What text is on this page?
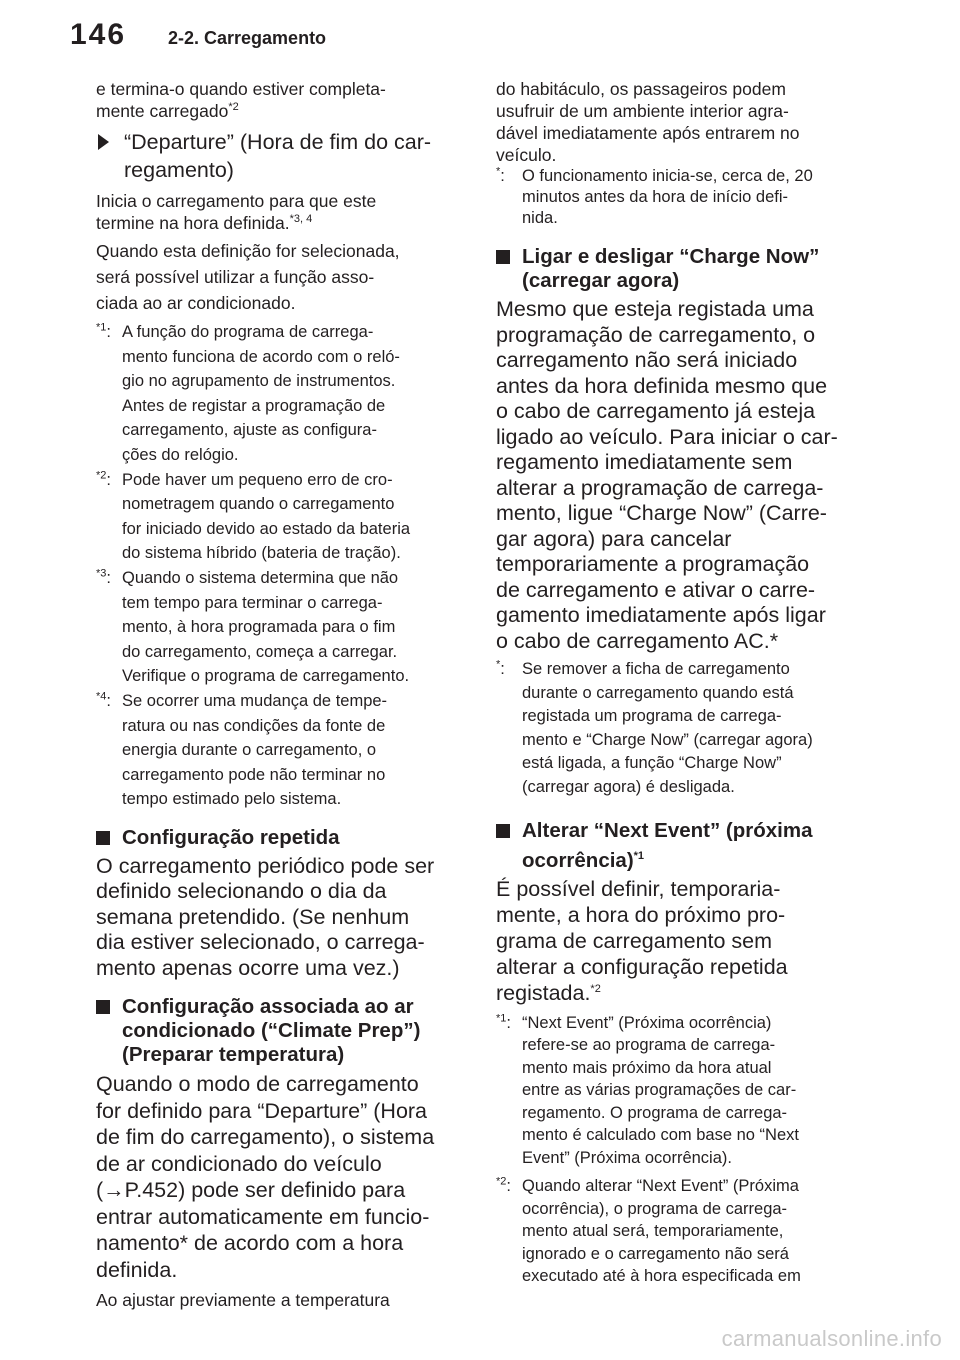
146 2-2. Carregamento

e termina-o quando estiver completa-
mente carregado$^{*2}$

“Departure” (Hora de fim do car-
regamento)

Inicia o carregamento para que este
termine na hora definida.$^{*3, 4}$

Quando esta definição for selecionada,
será possível utilizar a função asso-
ciada ao ar condicionado.

$^{*1}$: A função do programa de carrega-
mento funciona de acordo com o reló-
gio no agrupamento de instrumentos.
Antes de registar a programação de
carregamento, ajuste as configura-
ções do relógio.
$^{*2}$: Pode haver um pequeno erro de cro-
nometragem quando o carregamento
for iniciado devido ao estado da bateria
do sistema híbrido (bateria de tração).
$^{*3}$: Quando o sistema determina que não
tem tempo para terminar o carrega-
mento, à hora programada para o fim
do carregamento, começa a carregar.
Verifique o programa de carregamento.
$^{*4}$: Se ocorrer uma mudança de tempe-
ratura ou nas condições da fonte de
energia durante o carregamento, o
carregamento pode não terminar no
tempo estimado pelo sistema.
Configuração repetida

O carregamento periódico pode ser
definido selecionando o dia da
semana pretendido. (Se nenhum
dia estiver selecionado, o carrega-
mento apenas ocorre uma vez.)

Configuração associada ao ar
condicionado (“Climate Prep”)
(Preparar temperatura)

Quando o modo de carregamento
for definido para “Departure” (Hora
de fim do carregamento), o sistema
de ar condicionado do veículo
(→P.452) pode ser definido para
entrar automaticamente em funcio-
namento* de acordo com a hora
definida.

Ao ajustar previamente a temperatura

do habitáculo, os passageiros podem
usufruir de um ambiente interior agra-
dável imediatamente após entrarem no
veículo.

*: O funcionamento inicia-se, cerca de, 20
minutos antes da hora de início defi-
nida.
Ligar e desligar “Charge Now”
(carregar agora)

Mesmo que esteja registada uma
programação de carregamento, o
carregamento não será iniciado
antes da hora definida mesmo que
o cabo de carregamento já esteja
ligado ao veículo. Para iniciar o car-
regamento imediatamente sem
alterar a programação de carrega-
mento, ligue “Charge Now” (Carre-
gar agora) para cancelar
temporariamente a programação
de carregamento e ativar o carre-
gamento imediatamente após ligar
o cabo de carregamento AC.*

*: Se remover a ficha de carregamento
durante o carregamento quando está
registada um programa de carrega-
mento e “Charge Now” (carregar agora)
está ligada, a função “Charge Now”
(carregar agora) é desligada.
Alterar “Next Event” (próxima
ocorrência)$^{*1}$

É possível definir, temporaria-
mente, a hora do próximo pro-
grama de carregamento sem
alterar a configuração repetida
registada.$^{*2}$

$^{*1}$: “Next Event” (Próxima ocorrência)
refere-se ao programa de carrega-
mento mais próximo da hora atual
entre as várias programações de car-
regamento. O programa de carrega-
mento é calculado com base no “Next
Event” (Próxima ocorrência).
$^{*2}$: Quando alterar “Next Event” (Próxima
ocorrência), o programa de carrega-
mento atual será, temporariamente,
ignorado e o carregamento não será
executado até à hora especificada em
carmanualsonline.info
